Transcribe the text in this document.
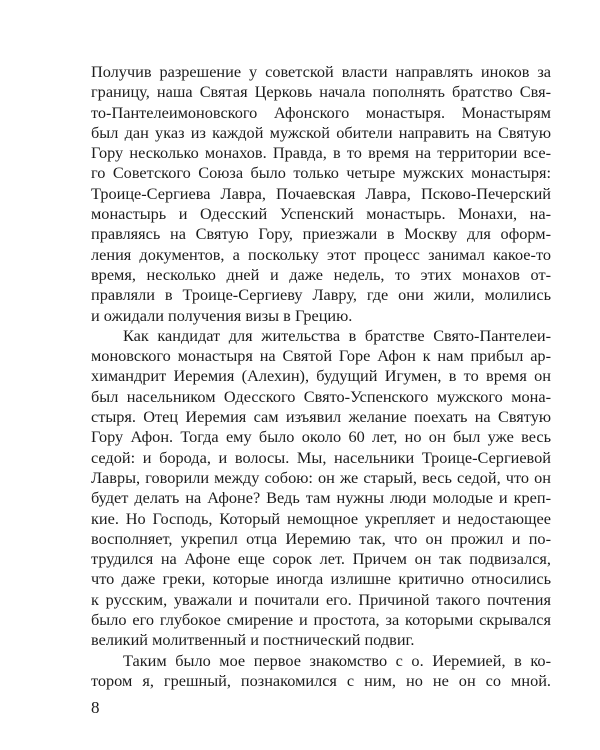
Получив разрешение у советской власти направлять иноков за
границу, наша Святая Церковь начала пополнять братство Свя-
то-Пантелеимоновского Афонского монастыря. Монастырям
был дан указ из каждой мужской обители направить на Святую
Гору несколько монахов. Правда, в то время на территории все-
го Советского Союза было только четыре мужских монастыря:
Троице-Сергиева Лавра, Почаевская Лавра, Псково-Печерский
монастырь и Одесский Успенский монастырь. Монахи, на-
правляясь на Святую Гору, приезжали в Москву для оформ-
ления документов, а поскольку этот процесс занимал какое-то
время, несколько дней и даже недель, то этих монахов от-
правляли в Троице-Сергиеву Лавру, где они жили, молились
и ожидали получения визы в Грецию.
Как кандидат для жительства в братстве Свято-Пантелеи-
моновского монастыря на Святой Горе Афон к нам прибыл ар-
химандрит Иеремия (Алехин), будущий Игумен, в то время он
был насельником Одесского Свято-Успенского мужского мона-
стыря. Отец Иеремия сам изъявил желание поехать на Святую
Гору Афон. Тогда ему было около 60 лет, но он был уже весь
седой: и борода, и волосы. Мы, насельники Троице-Сергиевой
Лавры, говорили между собою: он же старый, весь седой, что он
будет делать на Афоне? Ведь там нужны люди молодые и креп-
кие. Но Господь, Который немощное укрепляет и недостающее
восполняет, укрепил отца Иеремию так, что он прожил и по-
трудился на Афоне еще сорок лет. Причем он так подвизался,
что даже греки, которые иногда излишне критично относились
к русским, уважали и почитали его. Причиной такого почтения
было его глубокое смирение и простота, за которыми скрывался
великий молитвенный и постнический подвиг.
Таким было мое первое знакомство с о. Иеремией, в ко-
тором я, грешный, познакомился с ним, но не он со мной.
8
